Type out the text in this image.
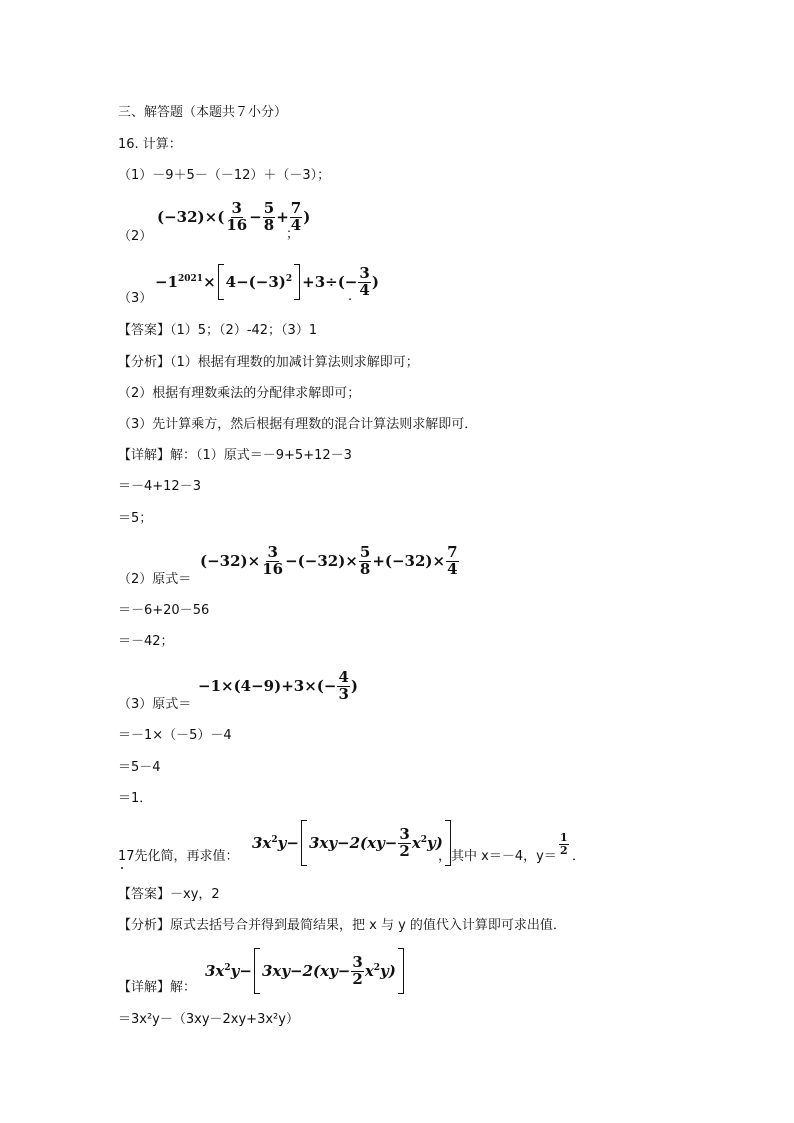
三、解答题（本题共７小分）
16. 计算：
（1）－9＋5－（－12）＋（－3）；
（2）
$(-32)\times( \frac{3}{16} - \frac{5}{8} + \frac{7}{4}$ )
；
（3）
−1 2021 × 4−(−3) $2 +3\div(- \frac{3}{4}$ )
.
【答案】（1）5；（2）-42；（3）1
【分析】（1）根据有理数的加减计算法则求解即可；
（2）根据有理数乘法的分配律求解即可；
（3）先计算乘方，然后根据有理数的混合计算法则求解即可．
【详解】解：（1）原式＝－9+5+12－3
＝－4+12－3
＝5；
（2）原式＝
$(-32)\times \frac{3}{16} -(-32)\times \frac{5}{8} +(-32)\times \frac{7}{4}$
＝－6+20－56
＝－42；
（3）原式＝
$-1\times(4-9)+3\times(- \frac{4}{3}$ )
＝－1×（－5）－4
＝5－4
＝1．
17先化简，再求值：
3x 2 $y- 3xy-2(xy- \frac{3}{2}$ x 2 y)
，其中 x＝－4，y＝
$\frac{1}{2}$
．
【答案】－xy，2
【分析】原式去括号合并得到最简结果，把 x 与 y 的值代入计算即可求出值．
【详解】解：
3x 2 $y- 3xy-2(xy- \frac{3}{2}$ x 2 y)
＝3x²y－（3xy－2xy+3x²y）
